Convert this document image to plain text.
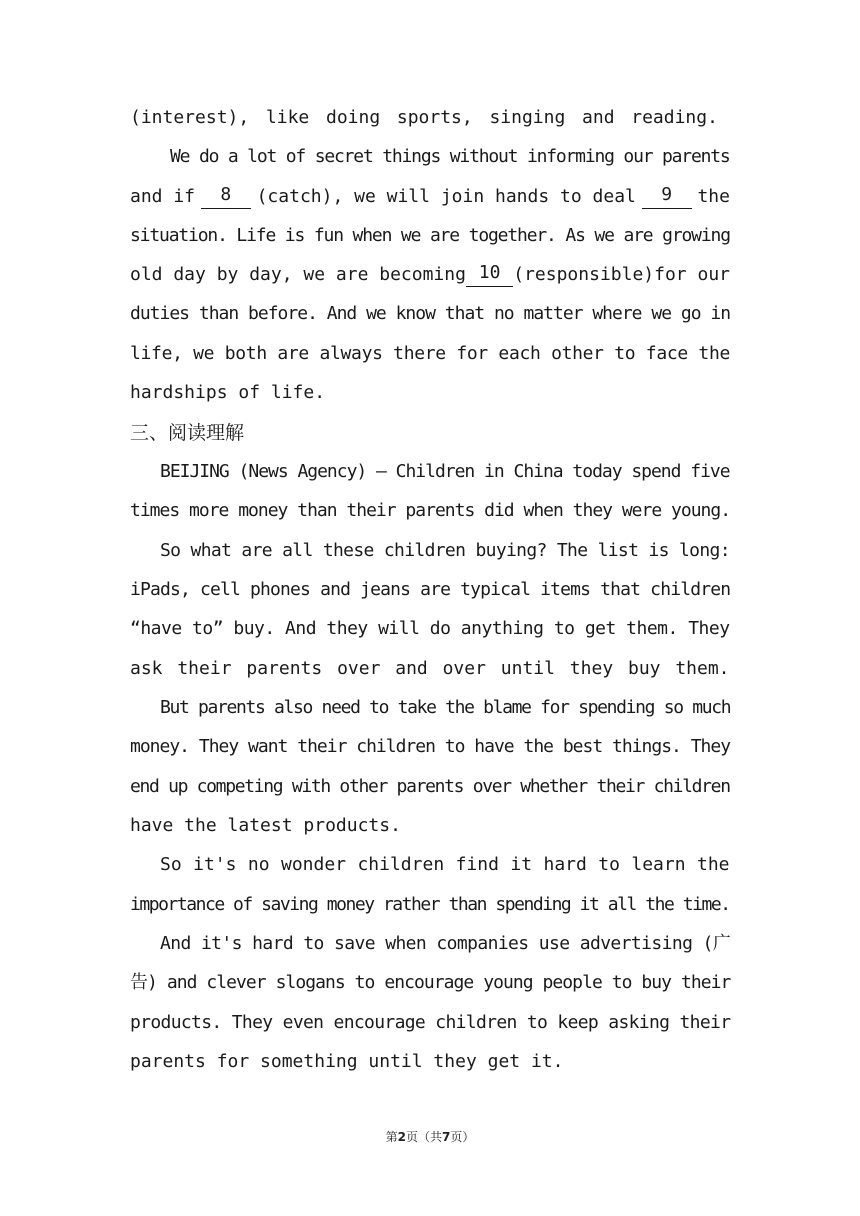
(interest), like doing sports, singing and reading.
We do a lot of secret things without informing our parents
and if	8	(catch), we will join hands to deal	9	the
situation. Life is fun when we are together. As we are growing
old day by day, we are becoming 10 (responsible)for our
duties than before. And we know that no matter where we go in
life, we both are always there for each other to face the
hardships of life.
三、阅读理解
BEIJING (News Agency) — Children in China today spend five
times more money than their parents did when they were young.
So what are all these children buying? The list is long:
iPads, cell phones and jeans are typical items that children
“have to” buy. And they will do anything to get them. They
ask their parents over and over until they buy them.
But parents also need to take the blame for spending so much
money. They want their children to have the best things. They
end up competing with other parents over whether their children
have the latest products.
So it's no wonder children find it hard to learn the
importance of saving money rather than spending it all the time.
And it's hard to save when companies use advertising (广
告) and clever slogans to encourage young people to buy their
products. They even encourage children to keep asking their
parents for something until they get it.
第2页（共7页）
